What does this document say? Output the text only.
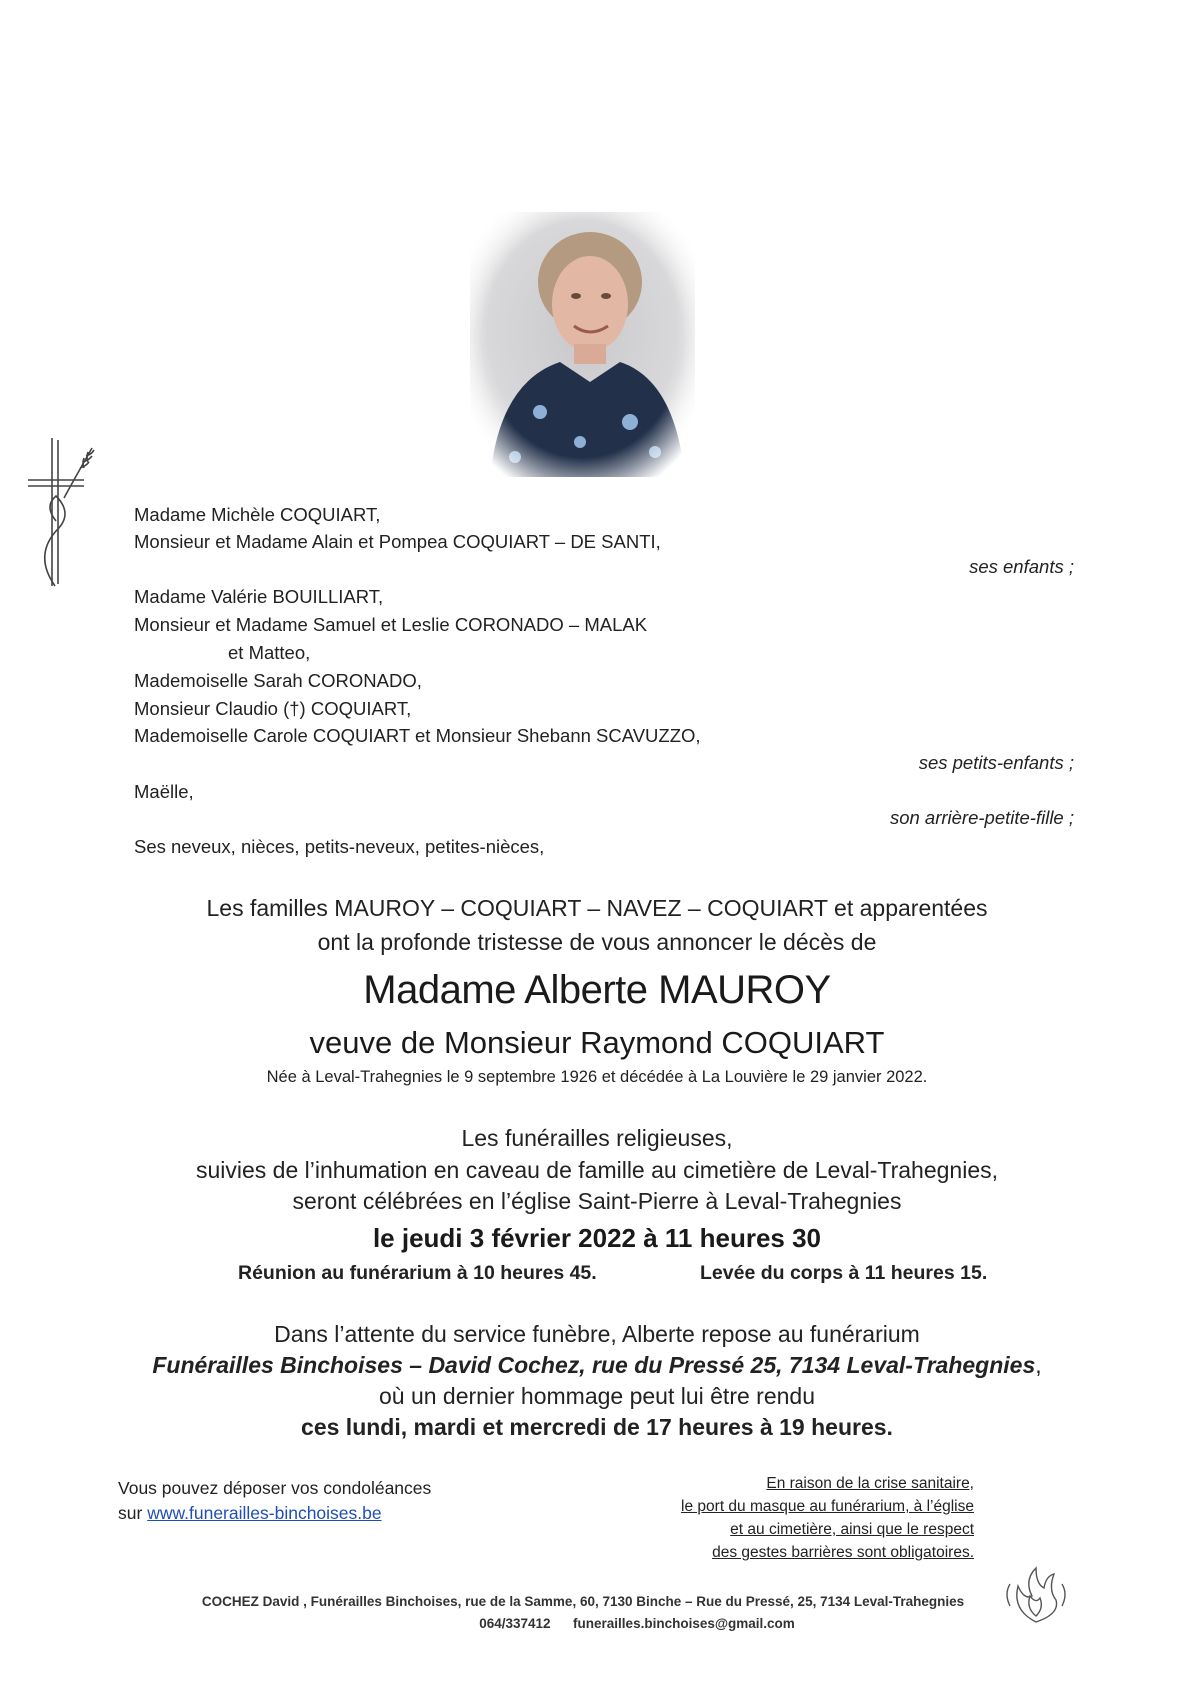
Madame Michèle COQUIART,
Monsieur et Madame Alain et Pompea COQUIART – DE SANTI,
ses enfants ;
Madame Valérie BOUILLIART,
Monsieur et Madame Samuel et Leslie CORONADO – MALAK
et Matteo,
Mademoiselle Sarah CORONADO,
Monsieur Claudio (†) COQUIART,
Mademoiselle Carole COQUIART et Monsieur Shebann SCAVUZZO,
ses petits-enfants ;
Maëlle,
son arrière-petite-fille ;
Ses neveux, nièces, petits-neveux, petites-nièces,
Les familles MAUROY – COQUIART – NAVEZ – COQUIART et apparentées
ont la profonde tristesse de vous annoncer le décès de
Madame Alberte MAUROY
veuve de Monsieur Raymond COQUIART
Née à Leval-Trahegnies le 9 septembre 1926 et décédée à La Louvière le 29 janvier 2022.
Les funérailles religieuses,
suivies de l’inhumation en caveau de famille au cimetière de Leval-Trahegnies,
seront célébrées en l’église Saint-Pierre à Leval-Trahegnies
le jeudi 3 février 2022 à 11 heures 30
Réunion au funérarium à 10 heures 45.	Levée du corps à 11 heures 15.
Dans l’attente du service funèbre, Alberte repose au funérarium
Funérailles Binchoises – David Cochez, rue du Pressé 25, 7134 Leval-Trahegnies,
où un dernier hommage peut lui être rendu
ces lundi, mardi et mercredi de 17 heures à 19 heures.
Vous pouvez déposer vos condoléances
sur www.funerailles-binchoises.be
En raison de la crise sanitaire,
le port du masque au funérarium, à l’église
et au cimetière, ainsi que le respect
des gestes barrières sont obligatoires.
COCHEZ David , Funérailles Binchoises, rue de la Samme, 60, 7130 Binche – Rue du Pressé, 25, 7134 Leval-Trahegnies
064/337412 funerailles.binchoises@gmail.com
